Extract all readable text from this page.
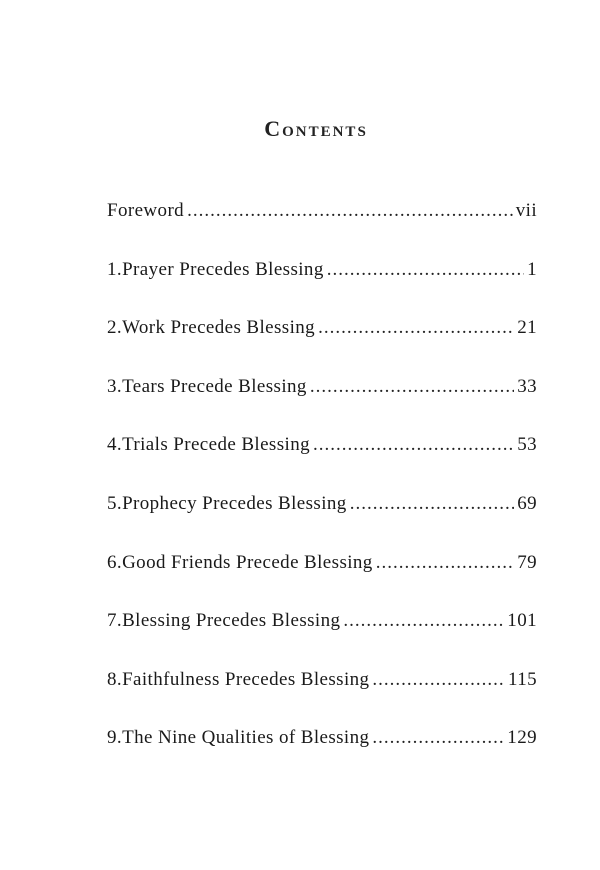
Contents
Foreword .....	vii
1. Prayer Precedes Blessing .....	1
2. Work Precedes Blessing .....	21
3. Tears Precede Blessing .....	33
4. Trials Precede Blessing .....	53
5. Prophecy Precedes Blessing .....	69
6. Good Friends Precede Blessing .....	79
7. Blessing Precedes Blessing .....	101
8. Faithfulness Precedes Blessing .....	115
9. The Nine Qualities of Blessing .....	129
